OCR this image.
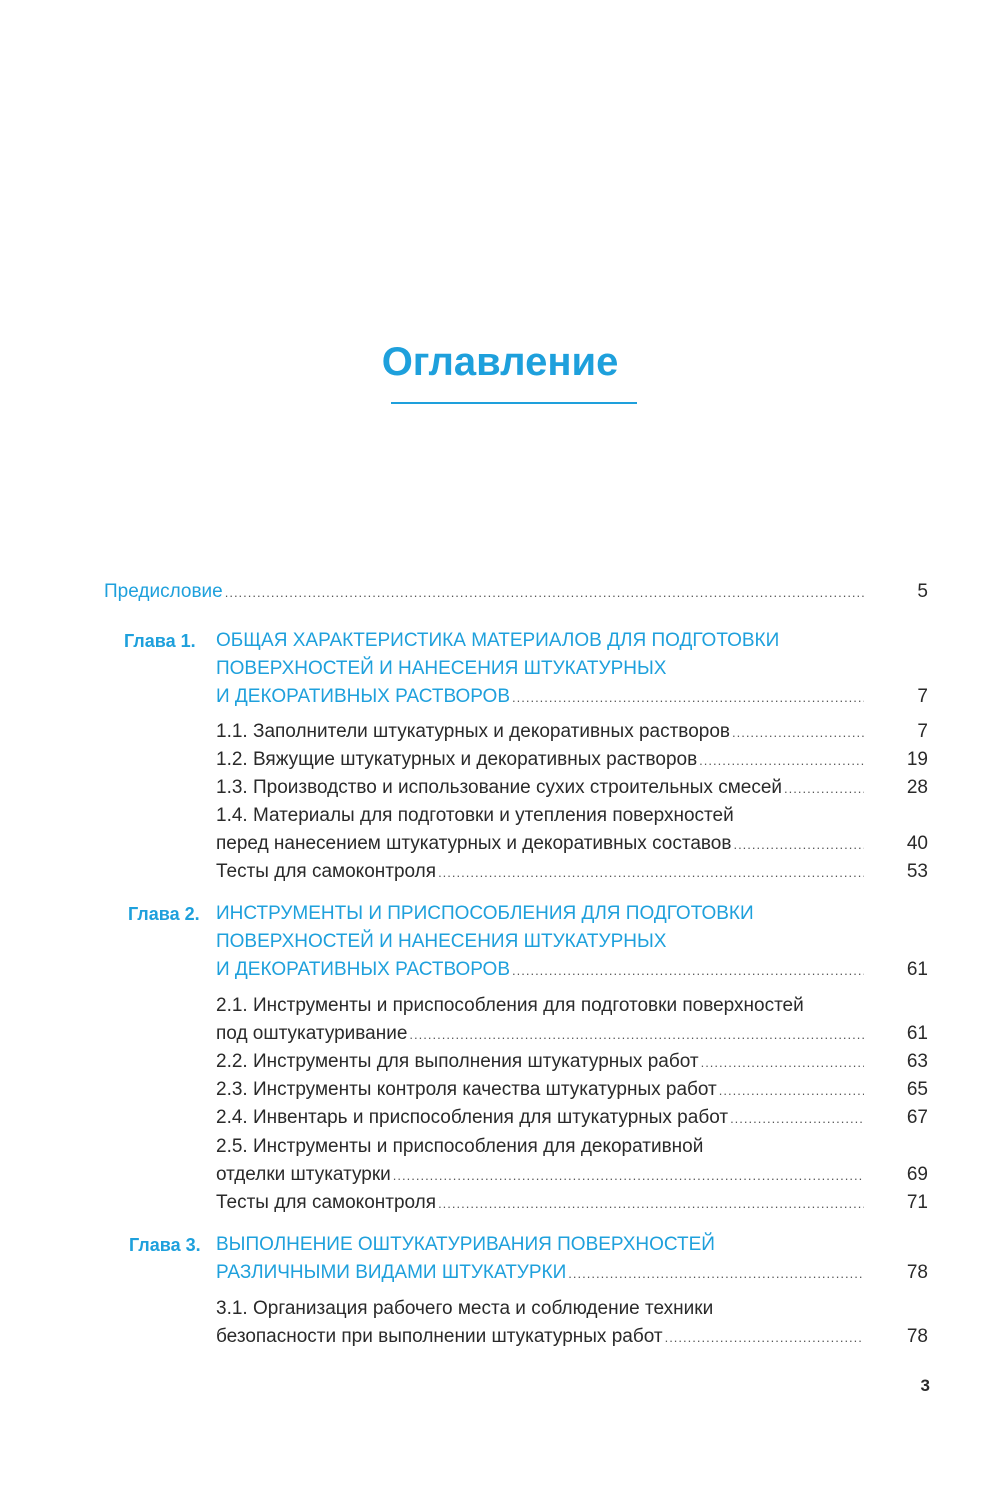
Оглавление
Предисловие .....	5
Глава 1. ОБЩАЯ ХАРАКТЕРИСТИКА МАТЕРИАЛОВ ДЛЯ ПОДГОТОВКИ
ПОВЕРХНОСТЕЙ И НАНЕСЕНИЯ ШТУКАТУРНЫХ
И ДЕКОРАТИВНЫХ РАСТВОРОВ .....	7
1.1. Заполнители штукатурных и декоративных растворов .....	7
1.2. Вяжущие штукатурных и декоративных растворов .....	19
1.3. Производство и использование сухих строительных смесей .....	28
1.4. Материалы для подготовки и утепления поверхностей
перед нанесением штукатурных и декоративных составов .....	40
Тесты для самоконтроля .....	53
Глава 2. ИНСТРУМЕНТЫ И ПРИСПОСОБЛЕНИЯ ДЛЯ ПОДГОТОВКИ
ПОВЕРХНОСТЕЙ И НАНЕСЕНИЯ ШТУКАТУРНЫХ
И ДЕКОРАТИВНЫХ РАСТВОРОВ .....	61
2.1. Инструменты и приспособления для подготовки поверхностей
под оштукатуривание .....	61
2.2. Инструменты для выполнения штукатурных работ .....	63
2.3. Инструменты контроля качества штукатурных работ .....	65
2.4. Инвентарь и приспособления для штукатурных работ .....	67
2.5. Инструменты и приспособления для декоративной
отделки штукатурки .....	69
Тесты для самоконтроля .....	71
Глава 3. ВЫПОЛНЕНИЕ ОШТУКАТУРИВАНИЯ ПОВЕРХНОСТЕЙ
РАЗЛИЧНЫМИ ВИДАМИ ШТУКАТУРКИ .....	78
3.1. Организация рабочего места и соблюдение техники
безопасности при выполнении штукатурных работ .....	78
3
